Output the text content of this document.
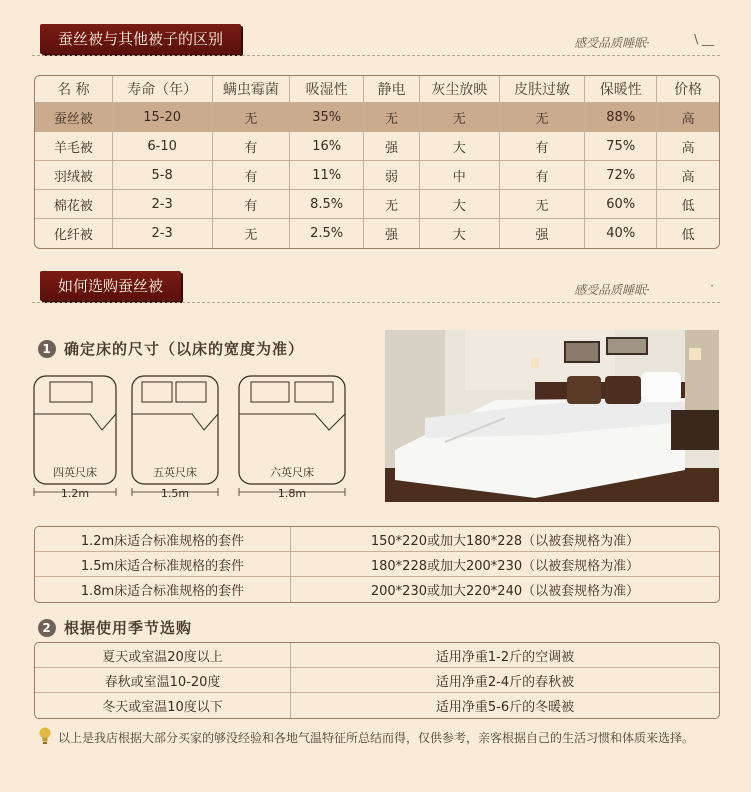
蚕丝被与其他被子的区别	感受品质睡眠·	\ __
名 称	寿命（年）	螨虫霉菌	吸湿性	静电	灰尘放映	皮肤过敏	保暖性	价格
蚕丝被	15-20	无	35%	无	无	无	88%	高
羊毛被	6-10	有	16%	强	大	有	75%	高
羽绒被	5-8	有	11%	弱	中	有	72%	高
棉花被	2-3	有	8.5%	无	大	无	60%	低
化纤被	2-3	无	2.5%	强	大	强	40%	低
如何选购蚕丝被	感受品质睡眠·	·
1 确定床的尺寸（以床的宽度为准）
四英尺床
1.2m
五英尺床
1.5m
六英尺床
1.8m
1.2m床适合标准规格的套件	150*220或加大180*228（以被套规格为准）
1.5m床适合标准规格的套件	180*228或加大200*230（以被套规格为准）
1.8m床适合标准规格的套件	200*230或加大220*240（以被套规格为准）
2 根据使用季节选购
夏天或室温20度以上	适用净重1-2斤的空调被
春秋或室温10-20度	适用净重2-4斤的春秋被
冬天或室温10度以下	适用净重5-6斤的冬暖被
以上是我店根据大部分买家的够没经验和各地气温特征所总结而得，仅供参考，亲客根据自己的生活习惯和体质来选择。
